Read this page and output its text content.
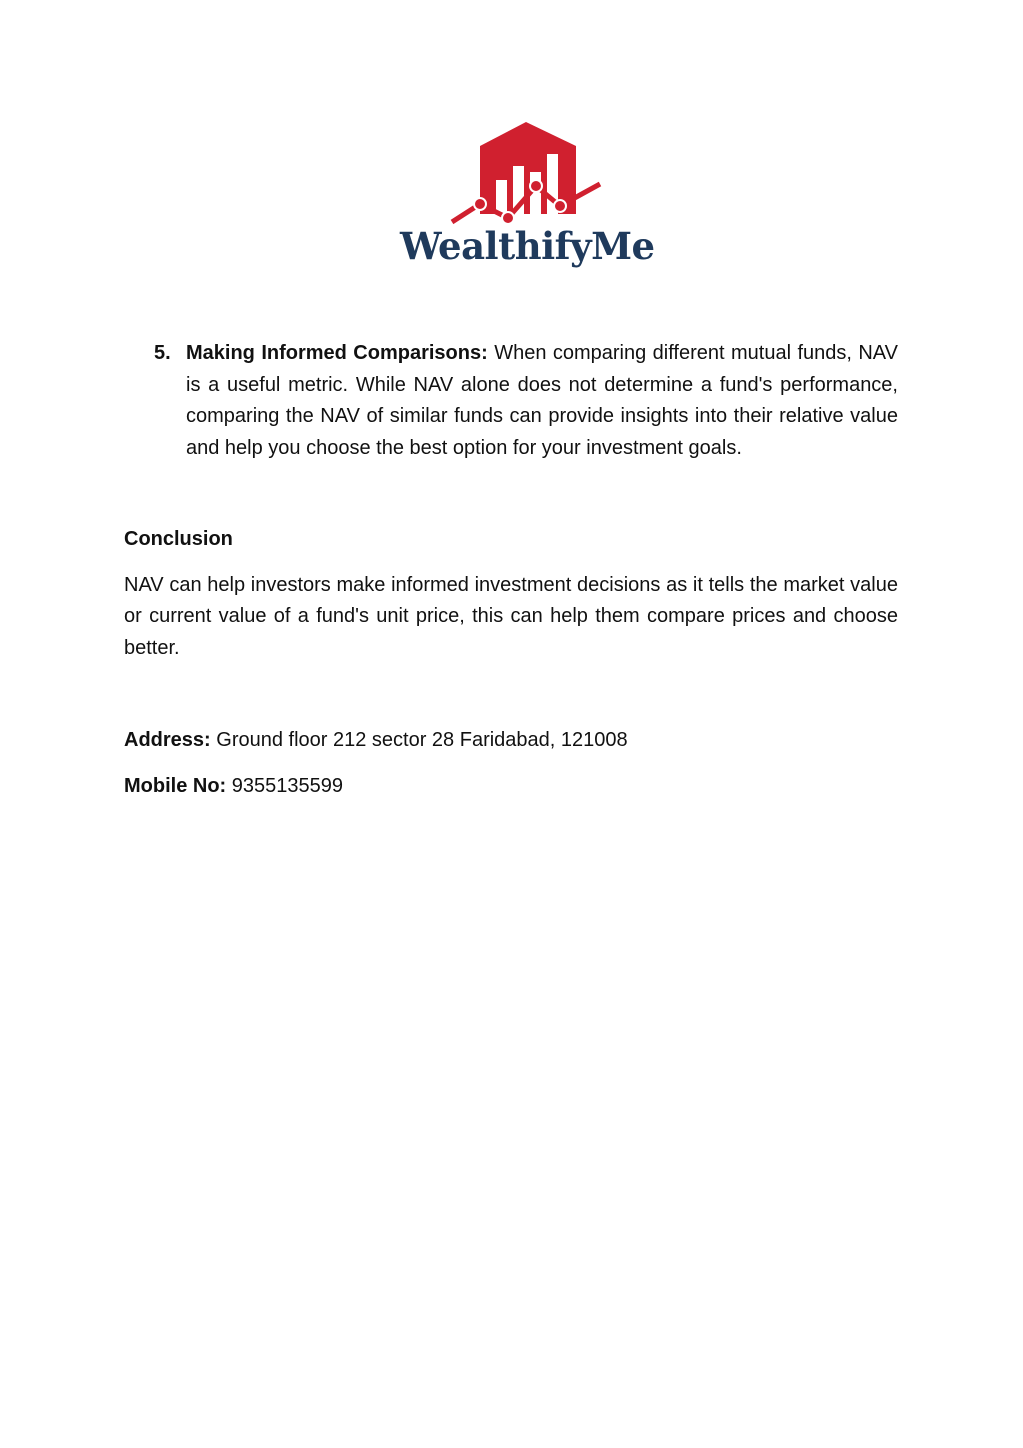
WealthifyMe
5. Making Informed Comparisons: When comparing different mutual funds, NAV is a useful metric. While NAV alone does not determine a fund's performance, comparing the NAV of similar funds can provide insights into their relative value and help you choose the best option for your investment goals.
Conclusion
NAV can help investors make informed investment decisions as it tells the market value or current value of a fund's unit price, this can help them compare prices and choose better.
Address: Ground floor 212 sector 28 Faridabad, 121008
Mobile No: 9355135599
